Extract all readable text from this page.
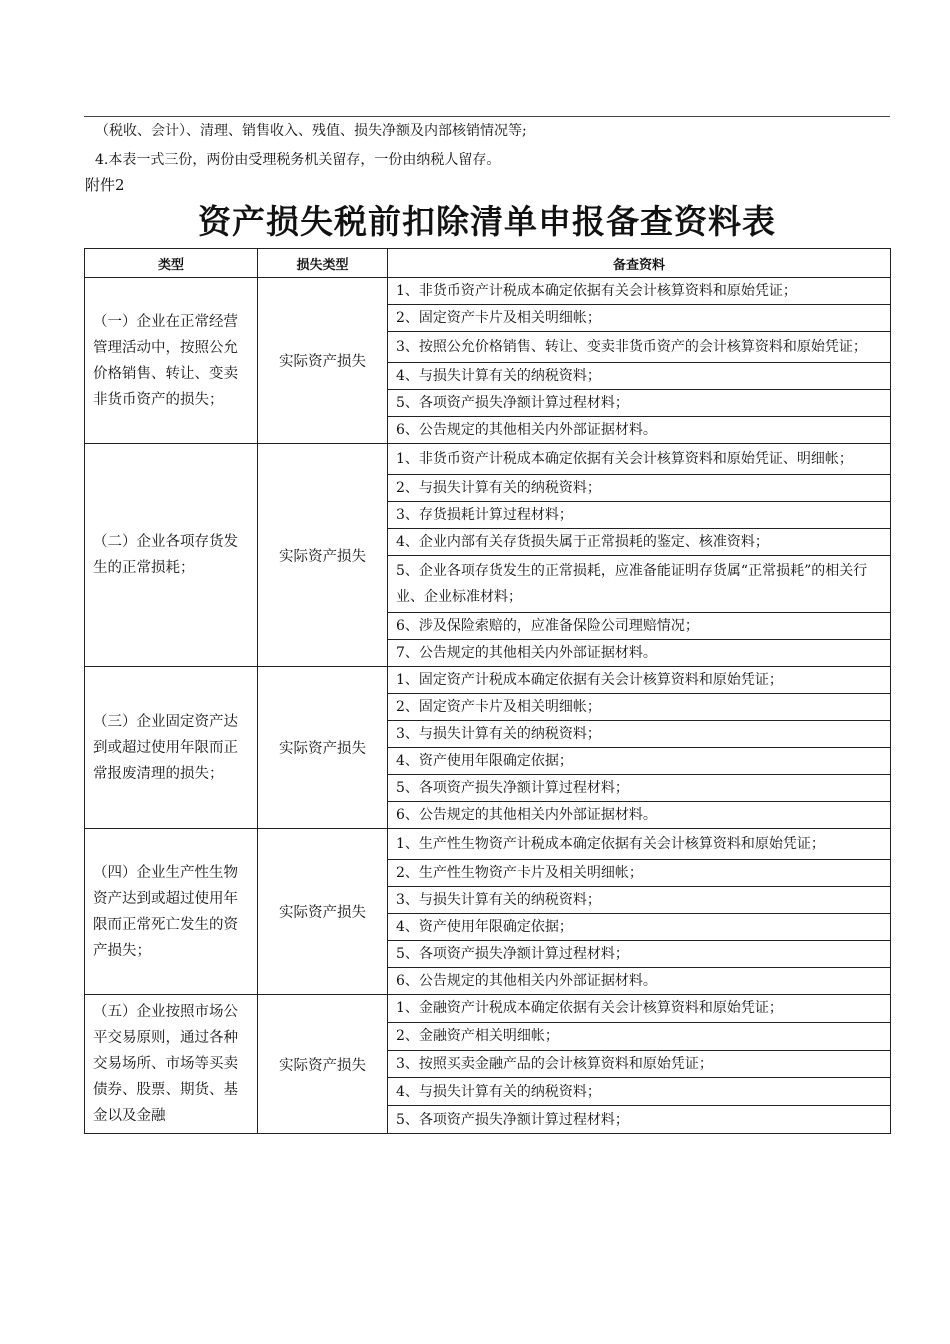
（税收、会计）、清理、销售收入、残值、损失净额及内部核销情况等;
4.本表一式三份，两份由受理税务机关留存，一份由纳税人留存。
附件2
资产损失税前扣除清单申报备查资料表
类型	损失类型	备查资料
（一）企业在正常经营管理活动中，按照公允价格销售、转让、变卖非货币资产的损失；	实际资产损失	1、非货币资产计税成本确定依据有关会计核算资料和原始凭证；
		2、固定资产卡片及相关明细帐；
		3、按照公允价格销售、转让、变卖非货币资产的会计核算资料和原始凭证；
		4、与损失计算有关的纳税资料；
		5、各项资产损失净额计算过程材料；
		6、公告规定的其他相关内外部证据材料。
（二）企业各项存货发生的正常损耗；	实际资产损失	1、非货币资产计税成本确定依据有关会计核算资料和原始凭证、明细帐；
		2、与损失计算有关的纳税资料；
		3、存货损耗计算过程材料；
		4、企业内部有关存货损失属于正常损耗的鉴定、核准资料；
		5、企业各项存货发生的正常损耗，应准备能证明存货属“正常损耗”的相关行业、企业标准材料；
		6、涉及保险索赔的，应准备保险公司理赔情况；
		7、公告规定的其他相关内外部证据材料。
（三）企业固定资产达到或超过使用年限而正常报废清理的损失；	实际资产损失	1、固定资产计税成本确定依据有关会计核算资料和原始凭证；
		2、固定资产卡片及相关明细帐；
		3、与损失计算有关的纳税资料；
		4、资产使用年限确定依据；
		5、各项资产损失净额计算过程材料；
		6、公告规定的其他相关内外部证据材料。
（四）企业生产性生物资产达到或超过使用年限而正常死亡发生的资产损失；	实际资产损失	1、生产性生物资产计税成本确定依据有关会计核算资料和原始凭证；
		2、生产性生物资产卡片及相关明细帐；
		3、与损失计算有关的纳税资料；
		4、资产使用年限确定依据；
		5、各项资产损失净额计算过程材料；
		6、公告规定的其他相关内外部证据材料。
（五）企业按照市场公平交易原则，通过各种交易场所、市场等买卖债券、股票、期货、基金以及金融	实际资产损失	1、金融资产计税成本确定依据有关会计核算资料和原始凭证；
		2、金融资产相关明细帐；
		3、按照买卖金融产品的会计核算资料和原始凭证；
		4、与损失计算有关的纳税资料；
		5、各项资产损失净额计算过程材料；
